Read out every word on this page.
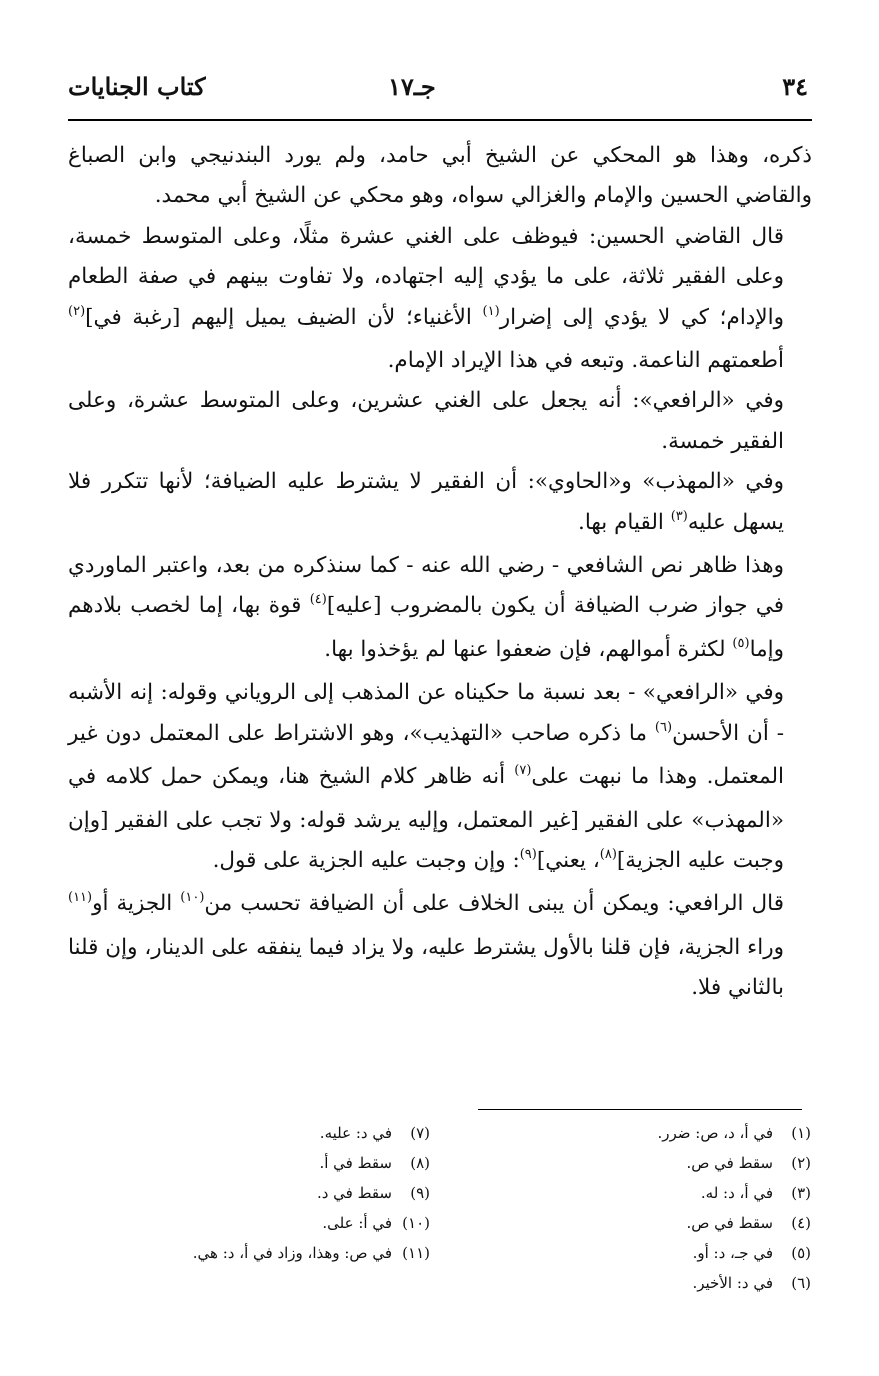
٣٤
جـ١٧
كتاب الجنايات

ذكره، وهذا هو المحكي عن الشيخ أبي حامد، ولم يورد البندنيجي وابن الصباغ والقاضي الحسين والإمام والغزالي سواه، وهو محكي عن الشيخ أبي محمد.

قال القاضي الحسين: فيوظف على الغني عشرة مثلًا، وعلى المتوسط خمسة، وعلى الفقير ثلاثة، على ما يؤدي إليه اجتهاده، ولا تفاوت بينهم في صفة الطعام والإدام؛ كي لا يؤدي إلى إضرار$^{(١)}$ الأغنياء؛ لأن الضيف يميل إليهم [رغبة في]$^{(٢)}$ أطعمتهم الناعمة. وتبعه في هذا الإيراد الإمام.

وفي «الرافعي»: أنه يجعل على الغني عشرين، وعلى المتوسط عشرة، وعلى الفقير خمسة.

وفي «المهذب» و«الحاوي»: أن الفقير لا يشترط عليه الضيافة؛ لأنها تتكرر فلا يسهل عليه$^{(٣)}$ القيام بها.

وهذا ظاهر نص الشافعي - رضي الله عنه - كما سنذكره من بعد، واعتبر الماوردي في جواز ضرب الضيافة أن يكون بالمضروب [عليه]$^{(٤)}$ قوة بها، إما لخصب بلادهم وإما$^{(٥)}$ لكثرة أموالهم، فإن ضعفوا عنها لم يؤخذوا بها.

وفي «الرافعي» - بعد نسبة ما حكيناه عن المذهب إلى الروياني وقوله: إنه الأشبه - أن الأحسن$^{(٦)}$ ما ذكره صاحب «التهذيب»، وهو الاشتراط على المعتمل دون غير المعتمل. وهذا ما نبهت على$^{(٧)}$ أنه ظاهر كلام الشيخ هنا، ويمكن حمل كلامه في «المهذب» على الفقير [غير المعتمل، وإليه يرشد قوله: ولا تجب على الفقير [وإن وجبت عليه الجزية]$^{(٨)}$، يعني]$^{(٩)}$: وإن وجبت عليه الجزية على قول.

قال الرافعي: ويمكن أن يبنى الخلاف على أن الضيافة تحسب من$^{(١٠)}$ الجزية أو$^{(١١)}$ وراء الجزية، فإن قلنا بالأول يشترط عليه، ولا يزاد فيما ينفقه على الدينار، وإن قلنا بالثاني فلا.

(١)في أ، د، ص: ضرر.
(٢)سقط في ص.
(٣)في أ، د: له.
(٤)سقط في ص.
(٥)في جـ، د: أو.
(٦)في د: الأخير.
(٧)في د: عليه.
(٨)سقط في أ.
(٩)سقط في د.
(١٠)في أ: على.
(١١)في ص: وهذا، وزاد في أ، د: هي.
